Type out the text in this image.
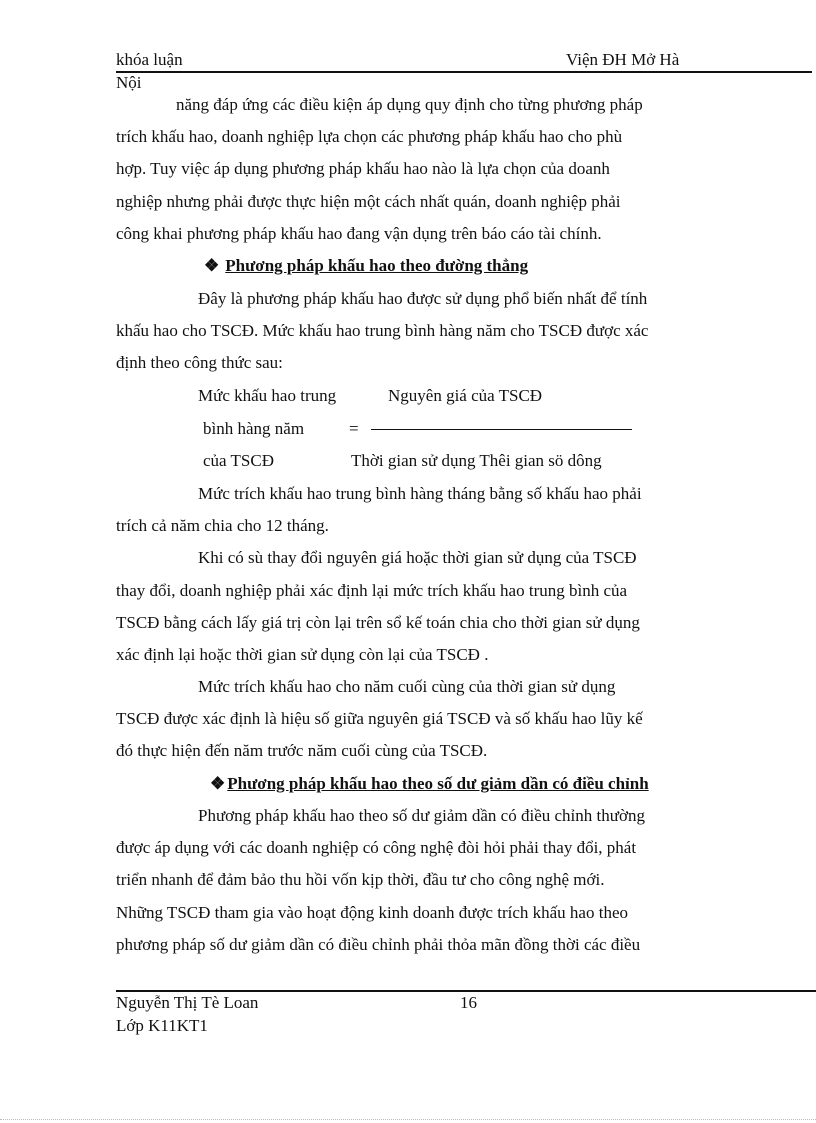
khóa luận	Viện ĐH Mở Hà
Nội
năng đáp ứng các điều kiện áp dụng quy định cho từng phương pháp
trích khấu hao, doanh nghiệp lựa chọn các phương pháp khấu hao cho phù
hợp. Tuy việc áp dụng phương pháp khấu hao nào là lựa chọn của doanh
nghiệp nhưng phải được thực hiện một cách nhất quán, doanh nghiệp phải
công khai phương pháp khấu hao đang vận dụng trên báo cáo tài chính.
❖ Phương pháp khấu hao theo đường thẳng
Đây là phương pháp khấu hao được sử dụng phổ biến nhất để tính
khấu hao cho TSCĐ. Mức khấu hao trung bình hàng năm cho TSCĐ được xác
định theo công thức sau:
Mức khấu hao trung	Nguyên giá của TSCĐ
bình hàng năm	=
của TSCĐ	Thời gian sử dụng Thêi gian sö dông
Mức trích khấu hao trung bình hàng tháng bằng số khấu hao phải
trích cả năm chia cho 12 tháng.
Khi có sù thay đổi nguyên giá hoặc thời gian sử dụng của TSCĐ
thay đổi, doanh nghiệp phải xác định lại mức trích khấu hao trung bình của
TSCĐ bằng cách lấy giá trị còn lại trên sổ kế toán chia cho thời gian sử dụng
xác định lại hoặc thời gian sử dụng còn lại của TSCĐ .
Mức trích khấu hao cho năm cuối cùng của thời gian sử dụng
TSCĐ được xác định là hiệu số giữa nguyên giá TSCĐ và số khấu hao lũy kế
đó thực hiện đến năm trước năm cuối cùng của TSCĐ.
❖ Phương pháp khấu hao theo số dư giảm dần có điều chỉnh
Phương pháp khấu hao theo số dư giảm dần có điều chỉnh thường
được áp dụng với các doanh nghiệp có công nghệ đòi hỏi phải thay đổi, phát
triển nhanh để đảm bảo thu hồi vốn kịp thời, đầu tư cho công nghệ mới.
Những TSCĐ tham gia vào hoạt động kinh doanh được trích khấu hao theo
phương pháp số dư giảm dần có điều chỉnh phải thỏa mãn đồng thời các điều
Nguyễn Thị Tè Loan	16
Lớp K11KT1
